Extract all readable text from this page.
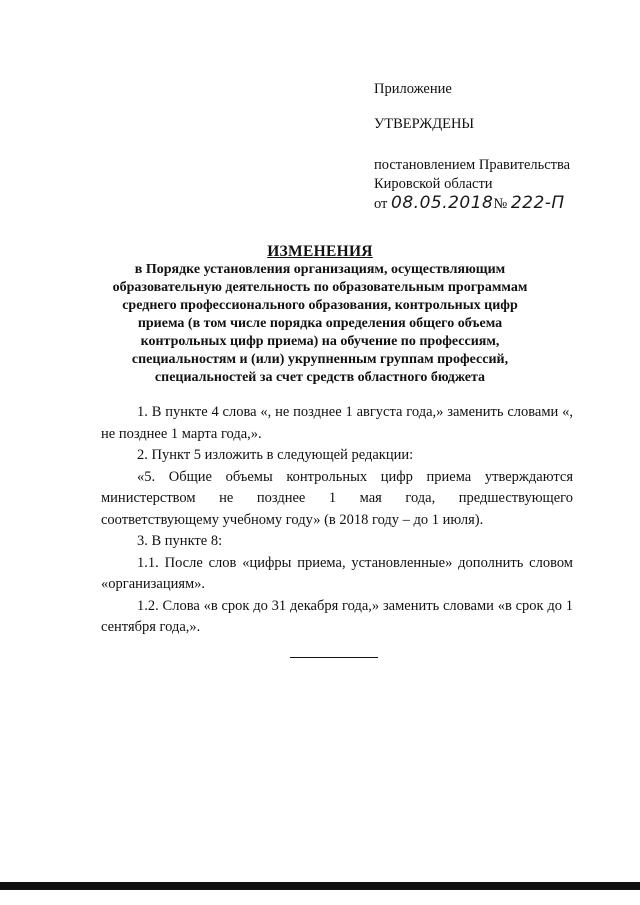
Приложение
УТВЕРЖДЕНЫ
постановлением Правительства
Кировской области
от 08.05.2018№ 222-П
ИЗМЕНЕНИЯ
в Порядке установления организациям, осуществляющим
образовательную деятельность по образовательным программам
среднего профессионального образования, контрольных цифр
приема (в том числе порядка определения общего объема
контрольных цифр приема) на обучение по профессиям,
специальностям и (или) укрупненным группам профессий,
специальностей за счет средств областного бюджета

1. В пункте 4 слова «, не позднее 1 августа года,» заменить словами «, не позднее 1 марта года,».

2. Пункт 5 изложить в следующей редакции:

«5. Общие объемы контрольных цифр приема утверждаются министерством не позднее 1 мая года, предшествующего соответствующему учебному году» (в 2018 году – до 1 июля).

3. В пункте 8:

1.1. После слов «цифры приема, установленные» дополнить словом «организациям».

1.2. Слова «в срок до 31 декабря года,» заменить словами «в срок до 1 сентября года,».
